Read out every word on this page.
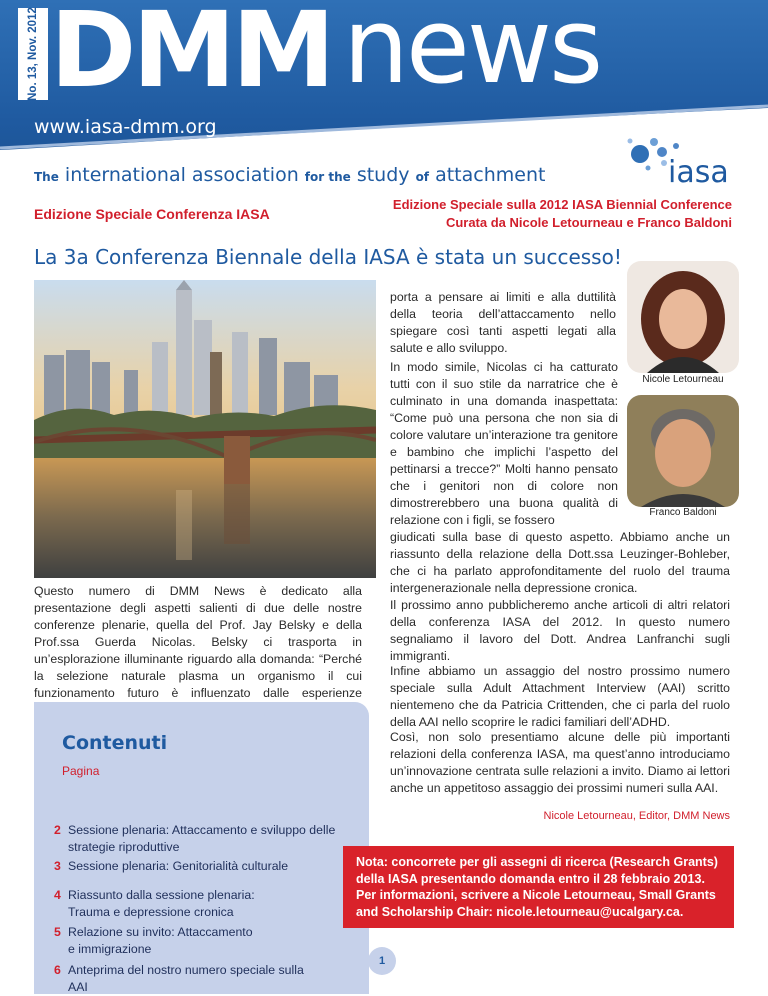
No. 13, Nov. 2012 DMM news
www.iasa-dmm.org
The international association for the study of attachment	iasa
Edizione Speciale Conferenza IASA
Edizione Speciale sulla 2012 IASA Biennial Conference
Curata da Nicole Letourneau e Franco Baldoni
La 3a Conferenza Biennale della IASA è stata un successo!

Questo numero di DMM News è dedicato alla presentazione degli aspetti salienti di due delle nostre conferenze plenarie, quella del Prof. Jay Belsky e della Prof.ssa Guerda Nicolas. Belsky ci trasporta in un’esplorazione illuminante riguardo alla domanda: “Perché la selezione naturale plasma un organismo il cui funzionamento futuro è influenzato dalle esperienze

porta a pensare ai limiti e alla duttilità della teoria dell’attaccamento nello spiegare così tanti aspetti legati alla salute e allo sviluppo.

In modo simile, Nicolas ci ha catturato tutti con il suo stile da narratrice che è culminato in una domanda inaspettata: “Come può una persona che non sia di colore valutare un’interazione tra genitore e bambino che implichi l’aspetto del pettinarsi a trecce?” Molti hanno pensato che i genitori non di colore non dimostrerebbero una buona qualità di relazione con i figli, se fossero

giudicati sulla base di questo aspetto. Abbiamo anche un riassunto della relazione della Dott.ssa Leuzinger-Bohleber, che ci ha parlato approfonditamente del ruolo del trauma intergenerazionale nella depressione cronica.

Il prossimo anno pubblicheremo anche articoli di altri relatori della conferenza IASA del 2012. In questo numero segnaliamo il lavoro del Dott. Andrea Lanfranchi sugli immigranti.

Infine abbiamo un assaggio del nostro prossimo numero speciale sulla Adult Attachment Interview (AAI) scritto nientemeno che da Patricia Crittenden, che ci parla del ruolo della AAI nello scoprire le radici familiari dell’ADHD.

Così, non solo presentiamo alcune delle più importanti relazioni della conferenza IASA, ma quest’anno introduciamo un’innovazione centrata sulle relazioni a invito. Diamo ai lettori anche un appetitoso assaggio dei prossimi numeri sulla AAI.

Nicole Letourneau, Editor, DMM News
Nicole Letourneau
Franco Baldoni
Contenuti
Pagina
2 Sessione plenaria: Attaccamento e sviluppo delle strategie riproduttive
3 Sessione plenaria: Genitorialità culturale
4 Riassunto dalla sessione plenaria: Trauma e depressione cronica
5 Relazione su invito: Attaccamento e immigrazione
6 Anteprima del nostro numero speciale sulla AAI

Nota: concorrete per gli assegni di ricerca (Research Grants) della IASA presentando domanda entro il 28 febbraio 2013. Per informazioni, scrivere a Nicole Letourneau, Small Grants and Scholarship Chair: nicole.letourneau@ucalgary.ca.

1
